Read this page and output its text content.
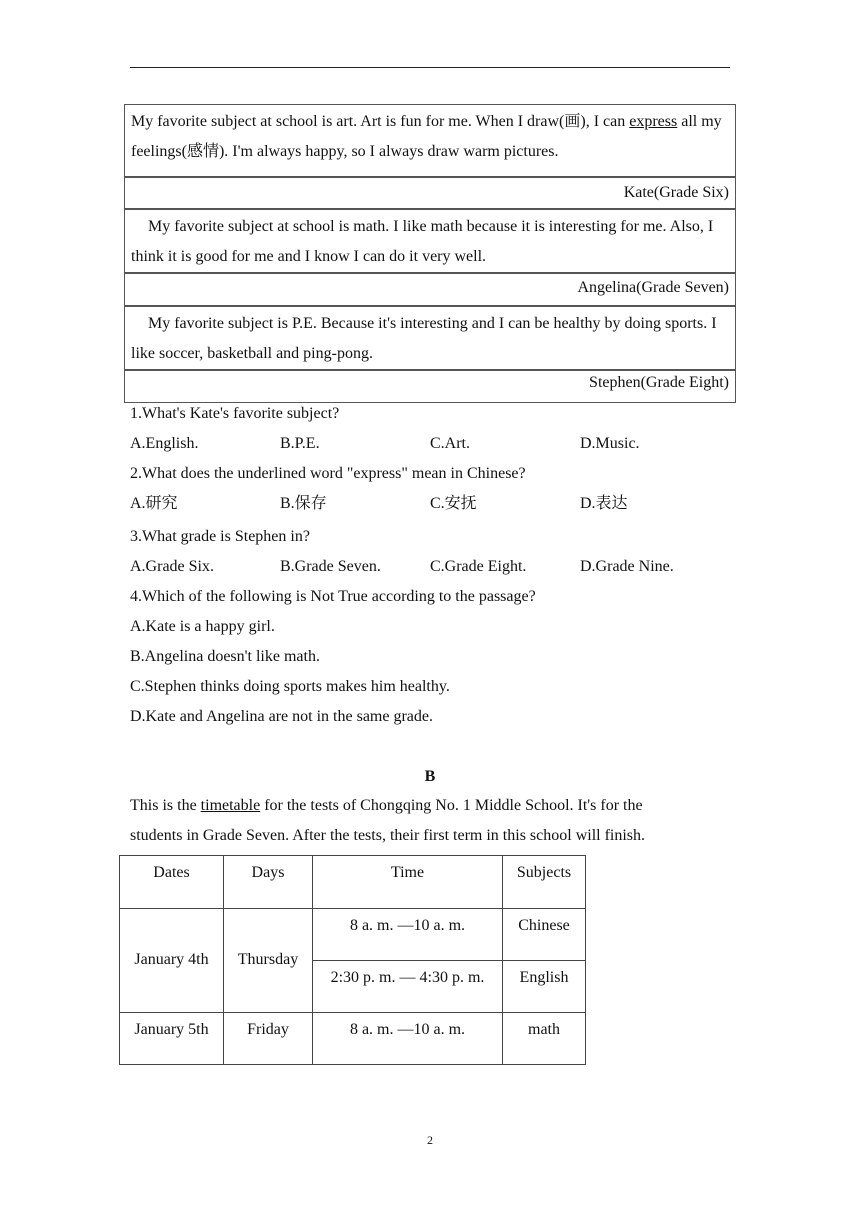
My favorite subject at school is art. Art is fun for me. When I draw(画), I can express all my feelings(感情). I'm always happy, so I always draw warm pictures.
Kate(Grade Six)
My favorite subject at school is math. I like math because it is interesting for me. Also, I think it is good for me and I know I can do it very well.
Angelina(Grade Seven)
My favorite subject is P.E. Because it's interesting and I can be healthy by doing sports. I like soccer, basketball and ping-pong.
Stephen(Grade Eight)
1.What's Kate's favorite subject?
A.English.	B.P.E.	C.Art.	D.Music.
2.What does the underlined word "express" mean in Chinese?
A.研究	B.保存	C.安抚	D.表达
3.What grade is Stephen in?
A.Grade Six.	B.Grade Seven.	C.Grade Eight.	D.Grade Nine.
4.Which of the following is Not True according to the passage?
A.Kate is a happy girl.
B.Angelina doesn't like math.
C.Stephen thinks doing sports makes him healthy.
D.Kate and Angelina are not in the same grade.
B
This is the timetable for the tests of Chongqing No. 1 Middle School. It's for the
students in Grade Seven. After the tests, their first term in this school will finish.
Dates	Days	Time	Subjects
January 4th	Thursday	8 a. m. —10 a. m.	Chinese
		2:30 p. m. — 4:30 p. m.	English
January 5th	Friday	8 a. m. —10 a. m.	math
2
